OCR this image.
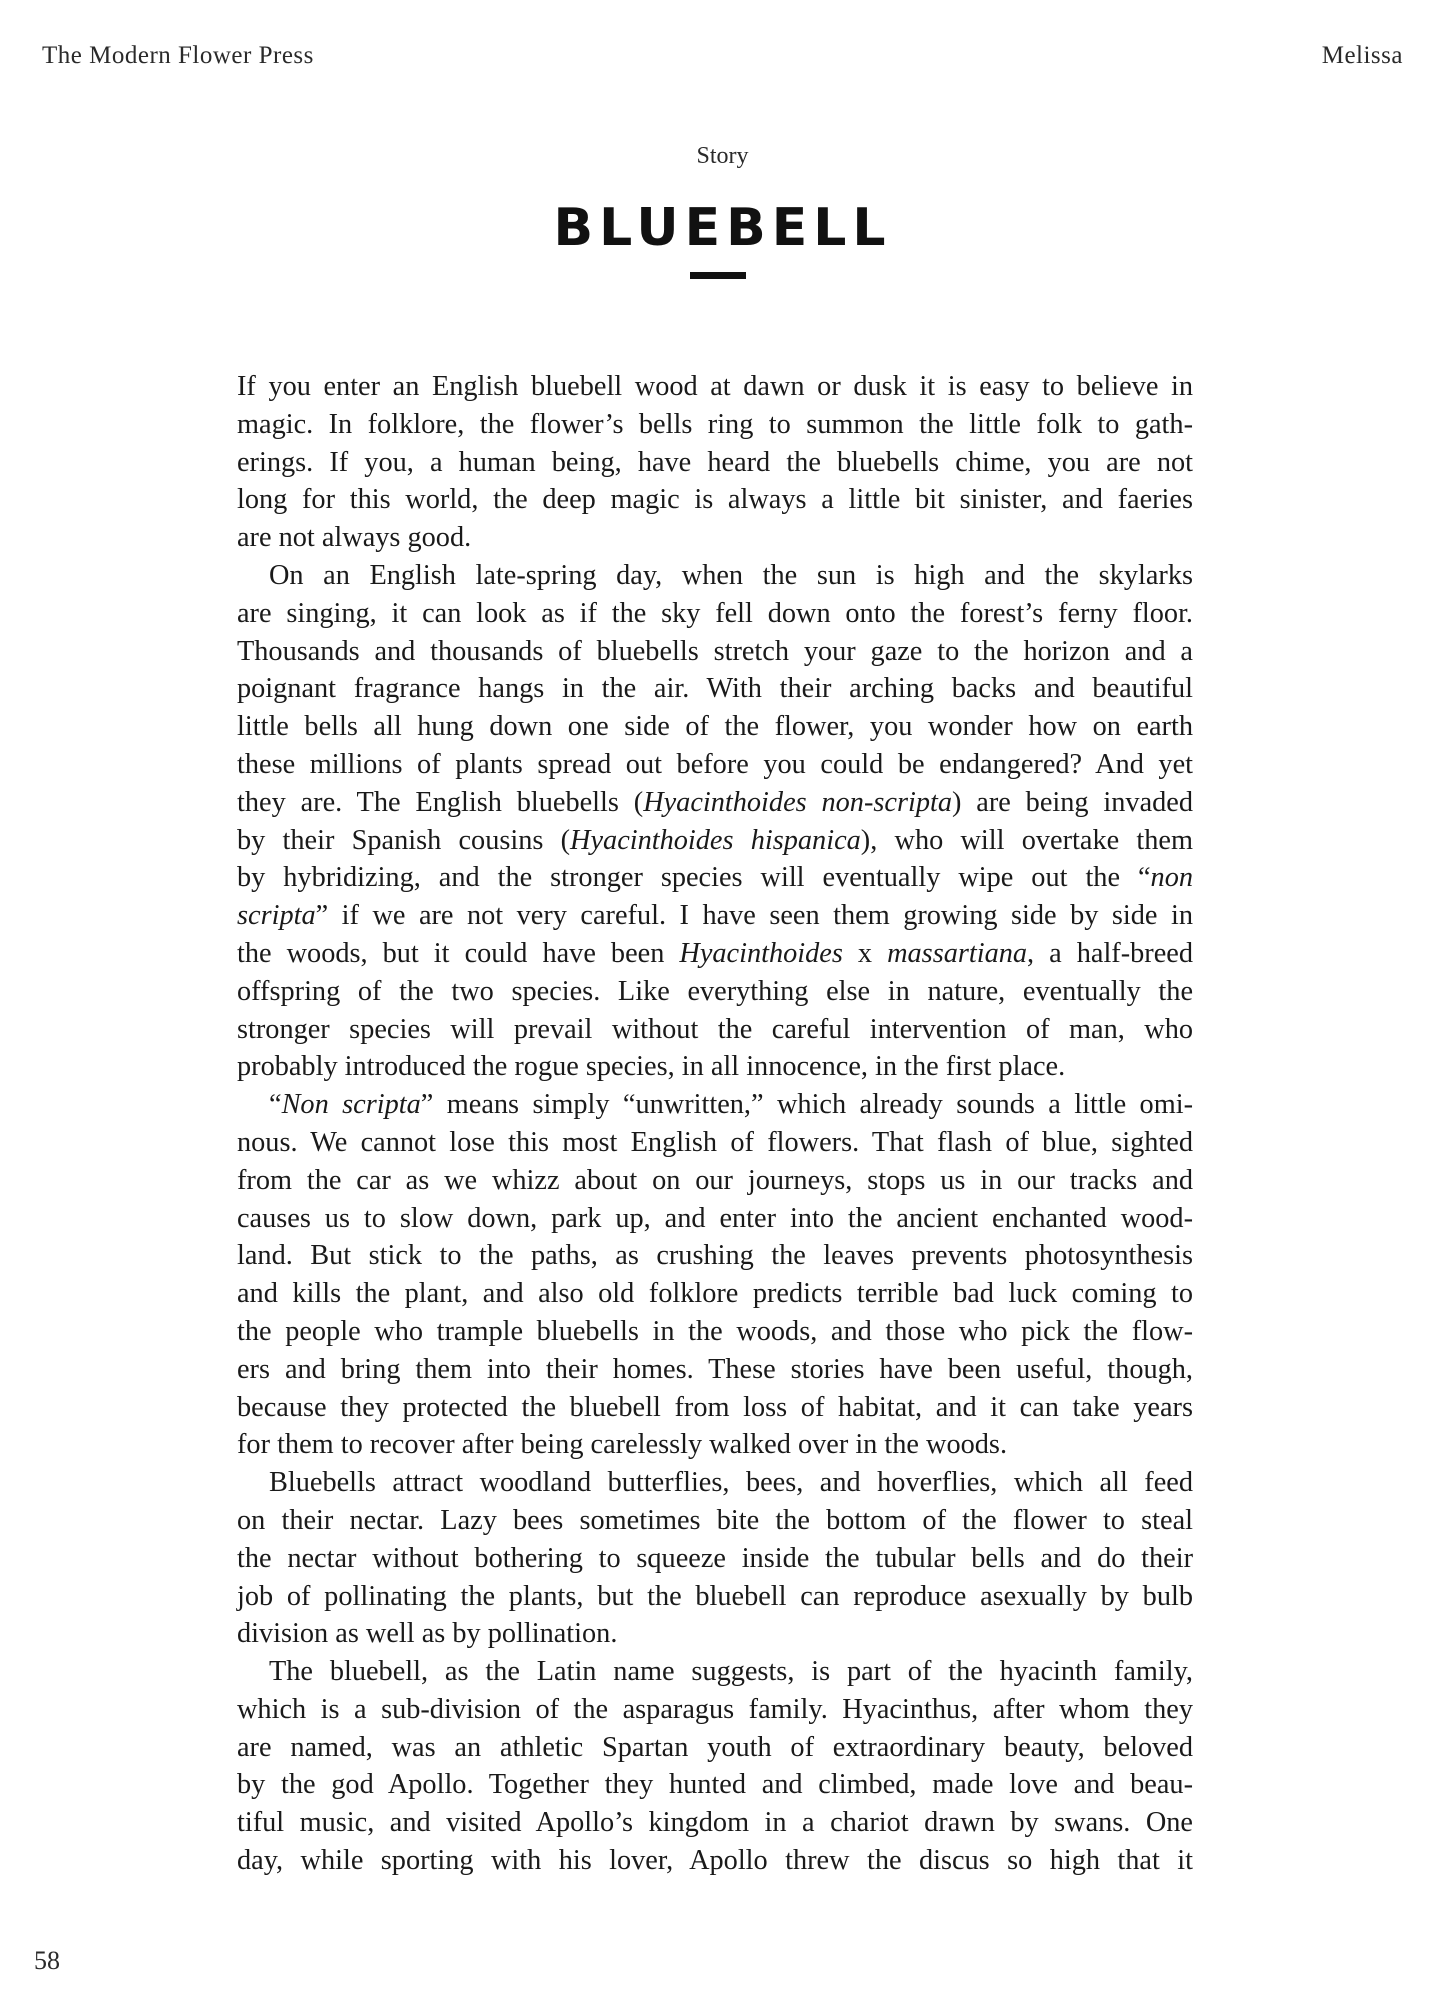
The Modern Flower Press	Melissa
Story
BLUEBELL
If you enter an English bluebell wood at dawn or dusk it is easy to believe in
magic. In folklore, the flower’s bells ring to summon the little folk to gath-
erings. If you, a human being, have heard the bluebells chime, you are not
long for this world, the deep magic is always a little bit sinister, and faeries
are not always good.
On an English late-spring day, when the sun is high and the skylarks
are singing, it can look as if the sky fell down onto the forest’s ferny floor.
Thousands and thousands of bluebells stretch your gaze to the horizon and a
poignant fragrance hangs in the air. With their arching backs and beautiful
little bells all hung down one side of the flower, you wonder how on earth
these millions of plants spread out before you could be endangered? And yet
they are. The English bluebells (Hyacinthoides non-scripta) are being invaded
by their Spanish cousins (Hyacinthoides hispanica), who will overtake them
by hybridizing, and the stronger species will eventually wipe out the “non
scripta” if we are not very careful. I have seen them growing side by side in
the woods, but it could have been Hyacinthoides x massartiana, a half-breed
offspring of the two species. Like everything else in nature, eventually the
stronger species will prevail without the careful intervention of man, who
probably introduced the rogue species, in all innocence, in the first place.
“Non scripta” means simply “unwritten,” which already sounds a little omi-
nous. We cannot lose this most English of flowers. That flash of blue, sighted
from the car as we whizz about on our journeys, stops us in our tracks and
causes us to slow down, park up, and enter into the ancient enchanted wood-
land. But stick to the paths, as crushing the leaves prevents photosynthesis
and kills the plant, and also old folklore predicts terrible bad luck coming to
the people who trample bluebells in the woods, and those who pick the flow-
ers and bring them into their homes. These stories have been useful, though,
because they protected the bluebell from loss of habitat, and it can take years
for them to recover after being carelessly walked over in the woods.
Bluebells attract woodland butterflies, bees, and hoverflies, which all feed
on their nectar. Lazy bees sometimes bite the bottom of the flower to steal
the nectar without bothering to squeeze inside the tubular bells and do their
job of pollinating the plants, but the bluebell can reproduce asexually by bulb
division as well as by pollination.
The bluebell, as the Latin name suggests, is part of the hyacinth family,
which is a sub-division of the asparagus family. Hyacinthus, after whom they
are named, was an athletic Spartan youth of extraordinary beauty, beloved
by the god Apollo. Together they hunted and climbed, made love and beau-
tiful music, and visited Apollo’s kingdom in a chariot drawn by swans. One
day, while sporting with his lover, Apollo threw the discus so high that it
58
